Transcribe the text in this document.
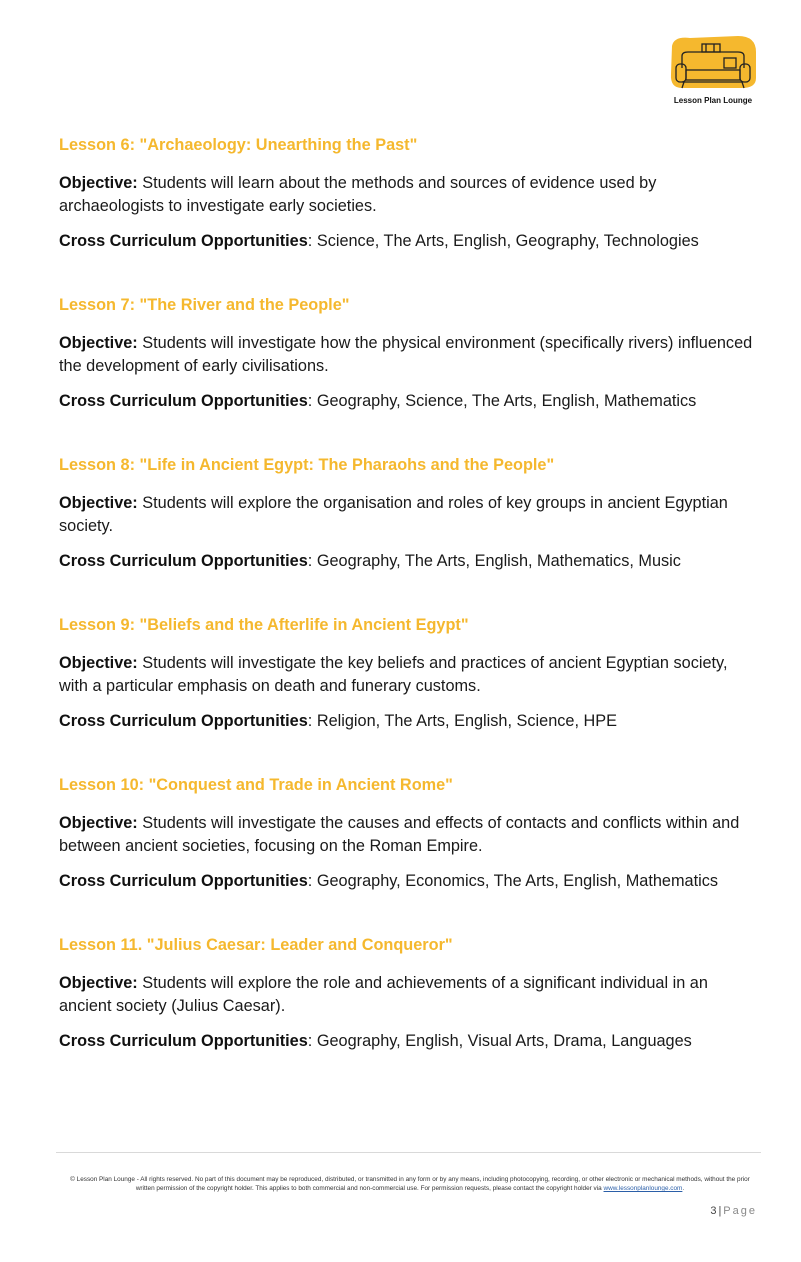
Lesson Plan Lounge

Lesson 6: "Archaeology: Unearthing the Past"

Objective: Students will learn about the methods and sources of evidence used by archaeologists to investigate early societies.

Cross Curriculum Opportunities: Science, The Arts, English, Geography, Technologies

Lesson 7: "The River and the People"

Objective: Students will investigate how the physical environment (specifically rivers) influenced the development of early civilisations.

Cross Curriculum Opportunities: Geography, Science, The Arts, English, Mathematics

Lesson 8: "Life in Ancient Egypt: The Pharaohs and the People"

Objective: Students will explore the organisation and roles of key groups in ancient Egyptian society.

Cross Curriculum Opportunities: Geography, The Arts, English, Mathematics, Music

Lesson 9: "Beliefs and the Afterlife in Ancient Egypt"

Objective: Students will investigate the key beliefs and practices of ancient Egyptian society, with a particular emphasis on death and funerary customs.

Cross Curriculum Opportunities: Religion, The Arts, English, Science, HPE

Lesson 10: "Conquest and Trade in Ancient Rome"

Objective: Students will investigate the causes and effects of contacts and conflicts within and between ancient societies, focusing on the Roman Empire.

Cross Curriculum Opportunities: Geography, Economics, The Arts, English, Mathematics

Lesson 11. "Julius Caesar: Leader and Conqueror"

Objective: Students will explore the role and achievements of a significant individual in an ancient society (Julius Caesar).

Cross Curriculum Opportunities: Geography, English, Visual Arts, Drama, Languages

© Lesson Plan Lounge - All rights reserved. No part of this document may be reproduced, distributed, or transmitted in any form or by any means, including photocopying, recording, or other electronic or mechanical methods, without the prior written permission of the copyright holder. This applies to both commercial and non-commercial use. For permission requests, please contact the copyright holder via www.lessonplanlounge.com.
3|Page
